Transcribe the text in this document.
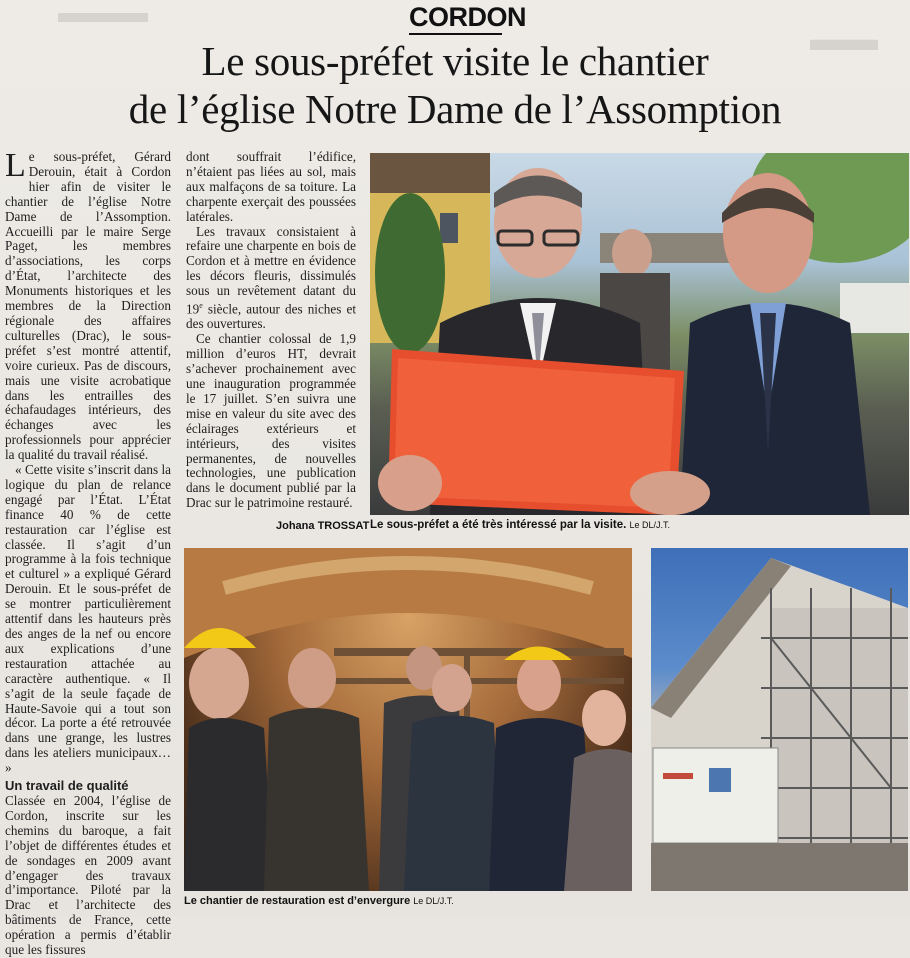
▬▬▬
▬▬
CORDON
Le sous-préfet visite le chantier
de l’église Notre Dame de l’Assomption

Le sous-préfet, Gérard Derouin, était à Cordon hier afin de visiter le chantier de l’église Notre Dame de l’Assomption. Accueilli par le maire Serge Paget, les membres d’associations, les corps d’État, l’architecte des Monuments historiques et les membres de la Direction régionale des affaires culturelles (Drac), le sous-préfet s’est montré attentif, voire curieux. Pas de discours, mais une visite acrobatique dans les entrailles des échafaudages intérieurs, des échanges avec les professionnels pour apprécier la qualité du travail réalisé.

« Cette visite s’inscrit dans la logique du plan de relance engagé par l’État. L’État finance 40 % de cette restauration car l’église est classée. Il s’agit d’un programme à la fois technique et culturel » a expliqué Gérard Derouin. Et le sous-préfet de se montrer particulièrement attentif dans les hauteurs près des anges de la nef ou encore aux explications d’une restauration attachée au caractère authentique. « Il s’agit de la seule façade de Haute-Savoie qui a tout son décor. La porte a été retrouvée dans une grange, les lustres dans les ateliers municipaux… »

Un travail de qualité

Classée en 2004, l’église de Cordon, inscrite sur les chemins du baroque, a fait l’objet de différentes études et de sondages en 2009 avant d’engager des travaux d’importance. Piloté par la Drac et l’architecte des bâtiments de France, cette opération a permis d’établir que les fissures

dont souffrait l’édifice, n’étaient pas liées au sol, mais aux malfaçons de sa toiture. La charpente exerçait des poussées latérales.

Les travaux consistaient à refaire une charpente en bois de Cordon et à mettre en évidence les décors fleuris, dissimulés sous un revêtement datant du 19e siècle, autour des niches et des ouvertures.

Ce chantier colossal de 1,9 million d’euros HT, devrait s’achever prochainement avec une inauguration programmée le 17 juillet. S’en suivra une mise en valeur du site avec des éclairages extérieurs et intérieurs, des visites permanentes, de nouvelles technologies, une publication dans le document publié par la Drac sur le patrimoine restauré.

Johana TROSSAT Le sous-préfet a été très intéressé par la visite. Le DL/J.T.
Le chantier de restauration est d’envergure Le DL/J.T.
